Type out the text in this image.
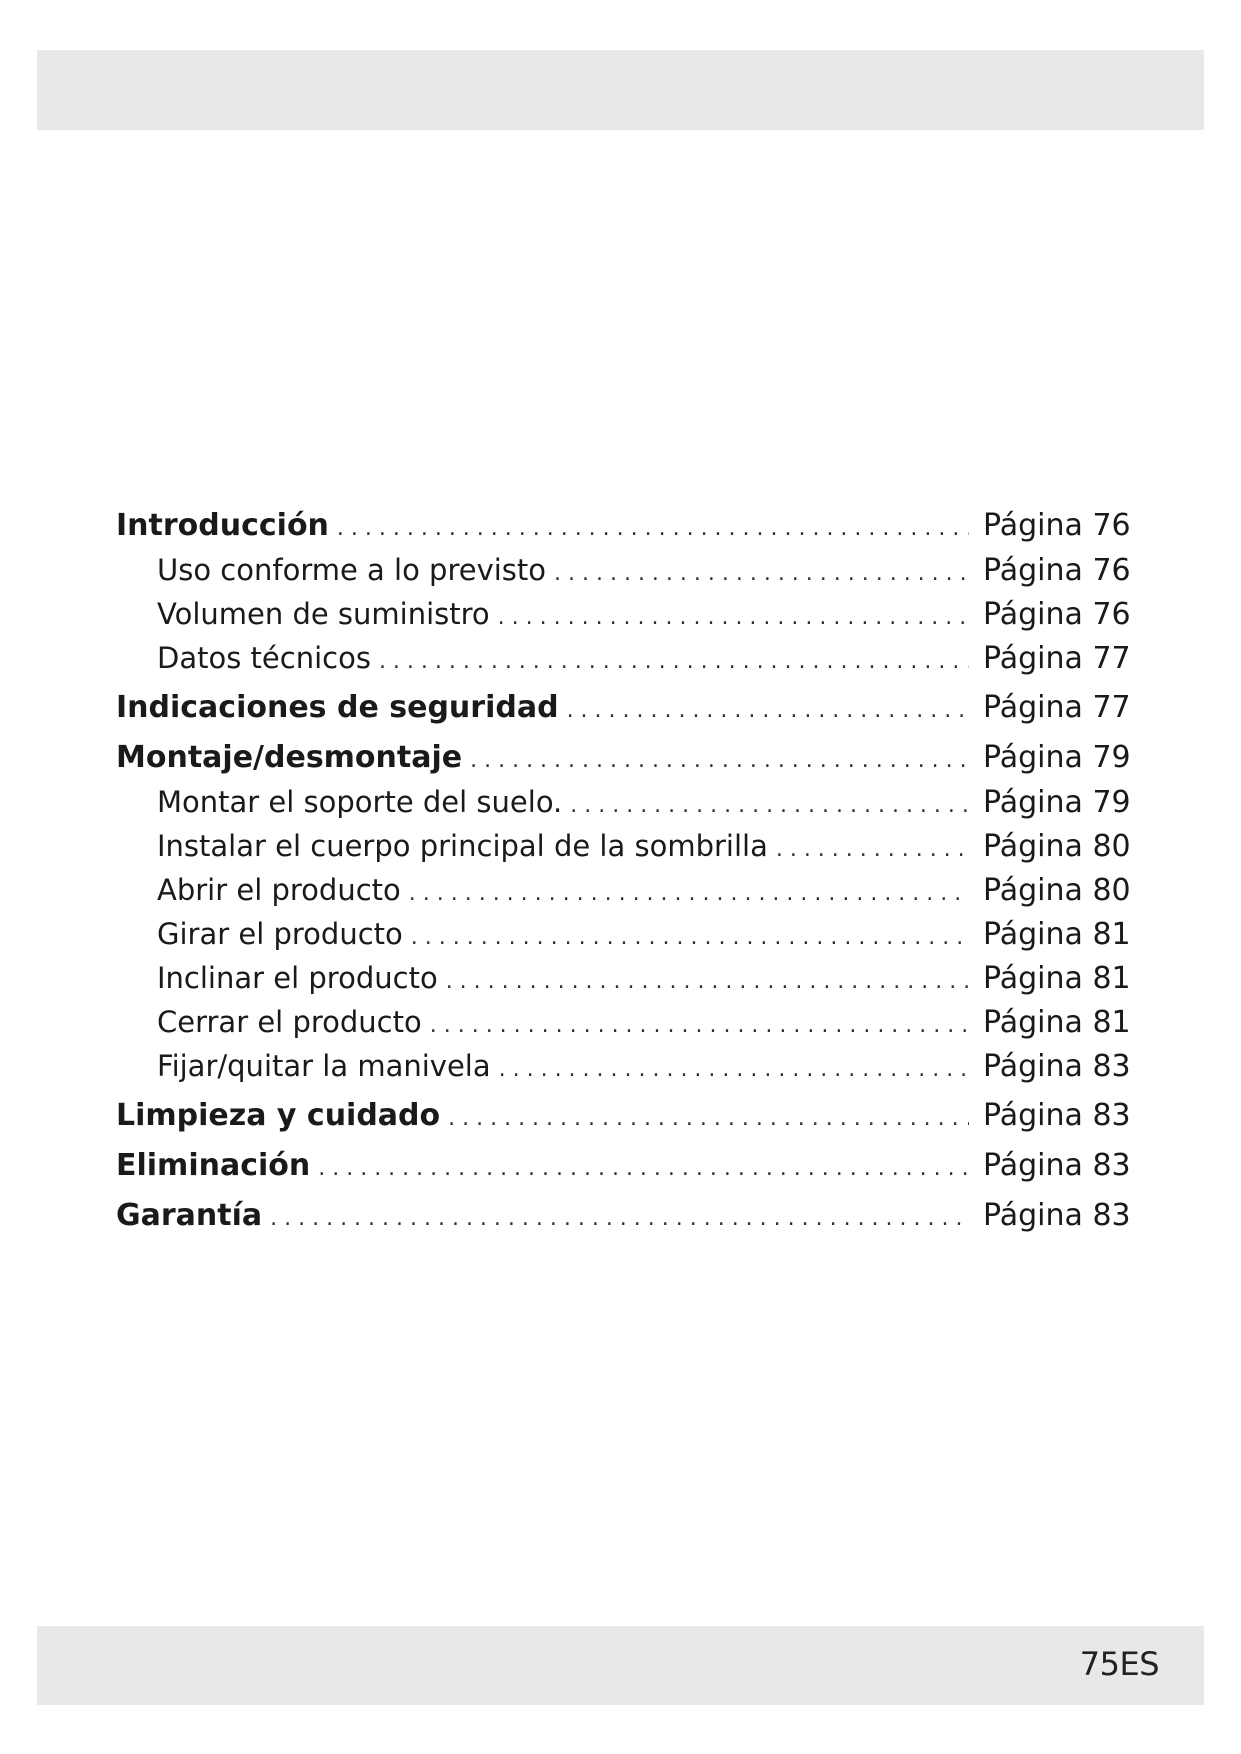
Introducción . . .	Página 76
Uso conforme a lo previsto . . .	Página 76
Volumen de suministro . . .	Página 76
Datos técnicos . . .	Página 77
Indicaciones de seguridad . . .	Página 77
Montaje/desmontaje . . .	Página 79
Montar el soporte del suelo. . . .	Página 79
Instalar el cuerpo principal de la sombrilla . . .	Página 80
Abrir el producto . . .	Página 80
Girar el producto . . .	Página 81
Inclinar el producto . . .	Página 81
Cerrar el producto . . .	Página 81
Fijar/quitar la manivela . . .	Página 83
Limpieza y cuidado . . .	Página 83
Eliminación . . .	Página 83
Garantía . . .	Página 83
75ES
